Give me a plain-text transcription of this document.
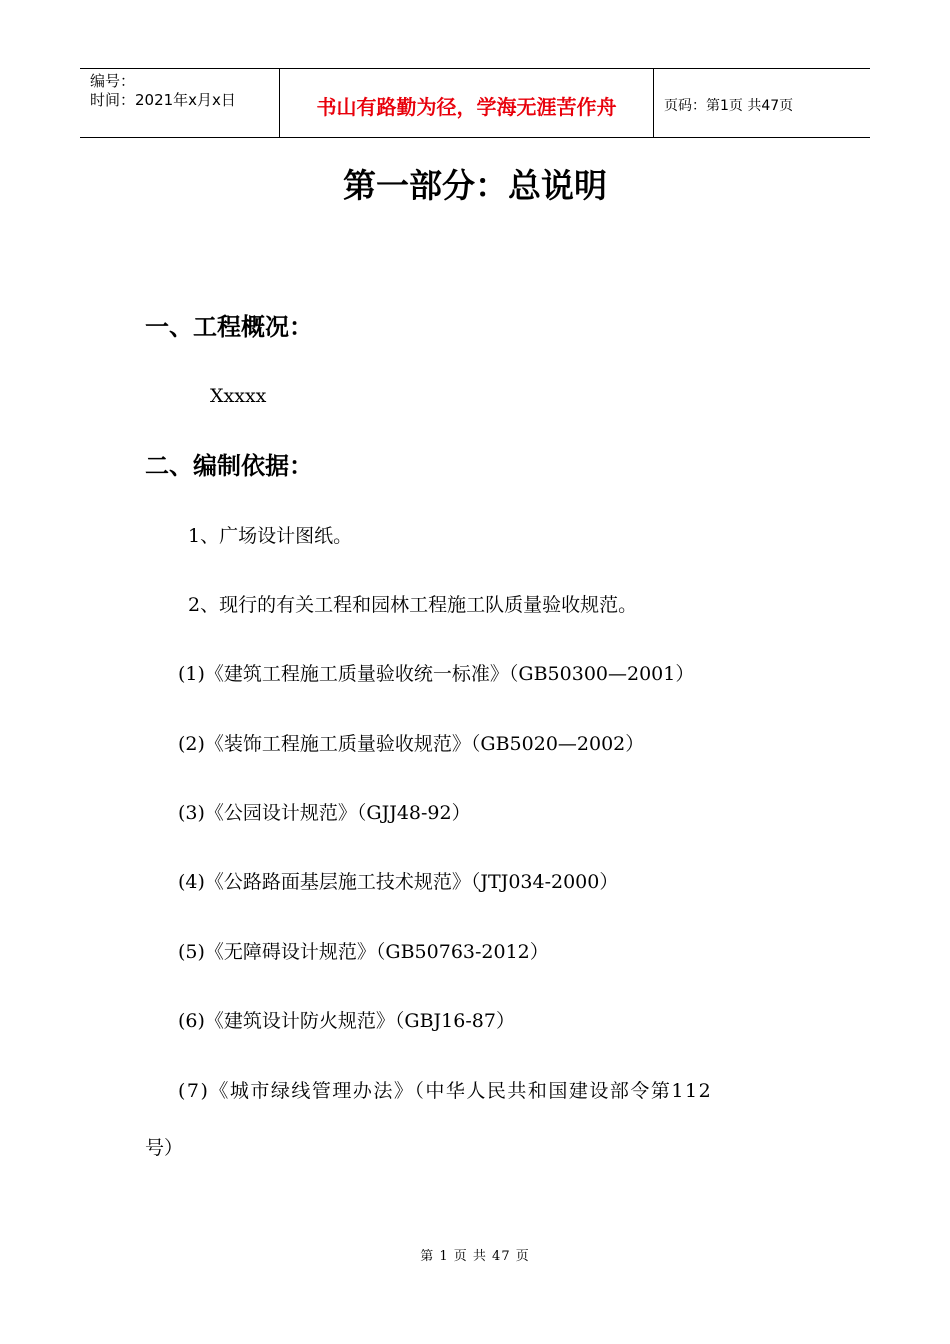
编号：
时间：2021年x月x日	书山有路勤为径，学海无涯苦作舟	页码：第1页 共47页
第一部分：总说明
一、工程概况：

Xxxxx

二、编制依据：

1、广场设计图纸。

2、现行的有关工程和园林工程施工队质量验收规范。

(1)《建筑工程施工质量验收统一标准》（GB50300—2001）

(2)《装饰工程施工质量验收规范》（GB5020—2002）

(3)《公园设计规范》（GJJ48-92）

(4)《公路路面基层施工技术规范》（JTJ034-2000）

(5)《无障碍设计规范》（GB50763-2012）

(6)《建筑设计防火规范》（GBJ16-87）

(7)《城市绿线管理办法》（中华人民共和国建设部令第112

号）

第 1 页 共 47 页
